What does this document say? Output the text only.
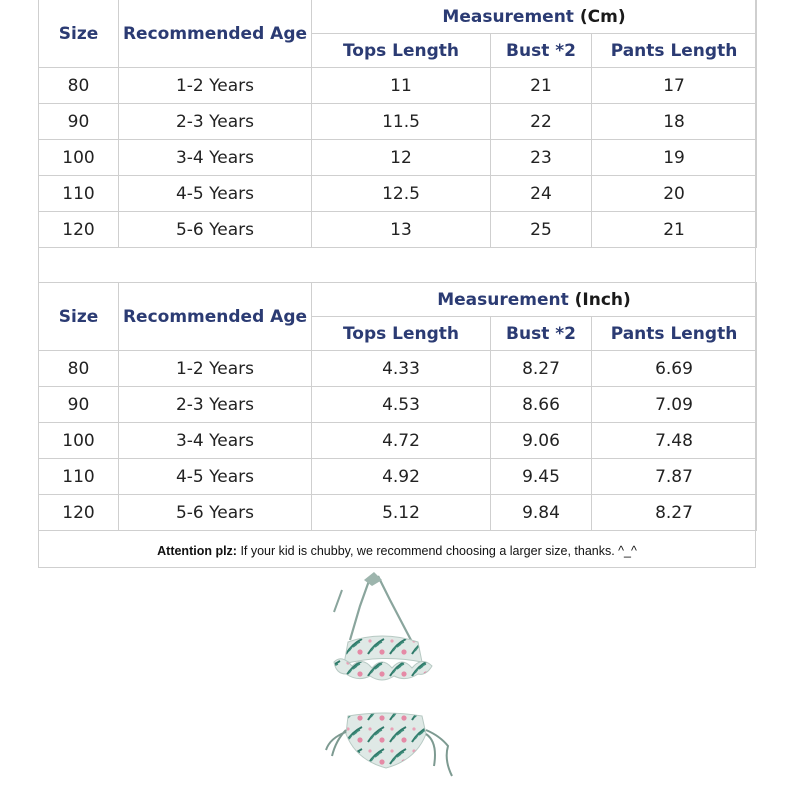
Size	Recommended Age	Measurement (Cm)		
		Tops Length	Bust *2	Pants Length
80	1-2 Years	11	21	17
90	2-3 Years	11.5	22	18
100	3-4 Years	12	23	19
110	4-5 Years	12.5	24	20
120	5-6 Years	13	25	21
Size	Recommended Age	Measurement (Inch)		
		Tops Length	Bust *2	Pants Length
80	1-2 Years	4.33	8.27	6.69
90	2-3 Years	4.53	8.66	7.09
100	3-4 Years	4.72	9.06	7.48
110	4-5 Years	4.92	9.45	7.87
120	5-6 Years	5.12	9.84	8.27
Attention plz: If your kid is chubby, we recommend choosing a larger size, thanks. ^_^
